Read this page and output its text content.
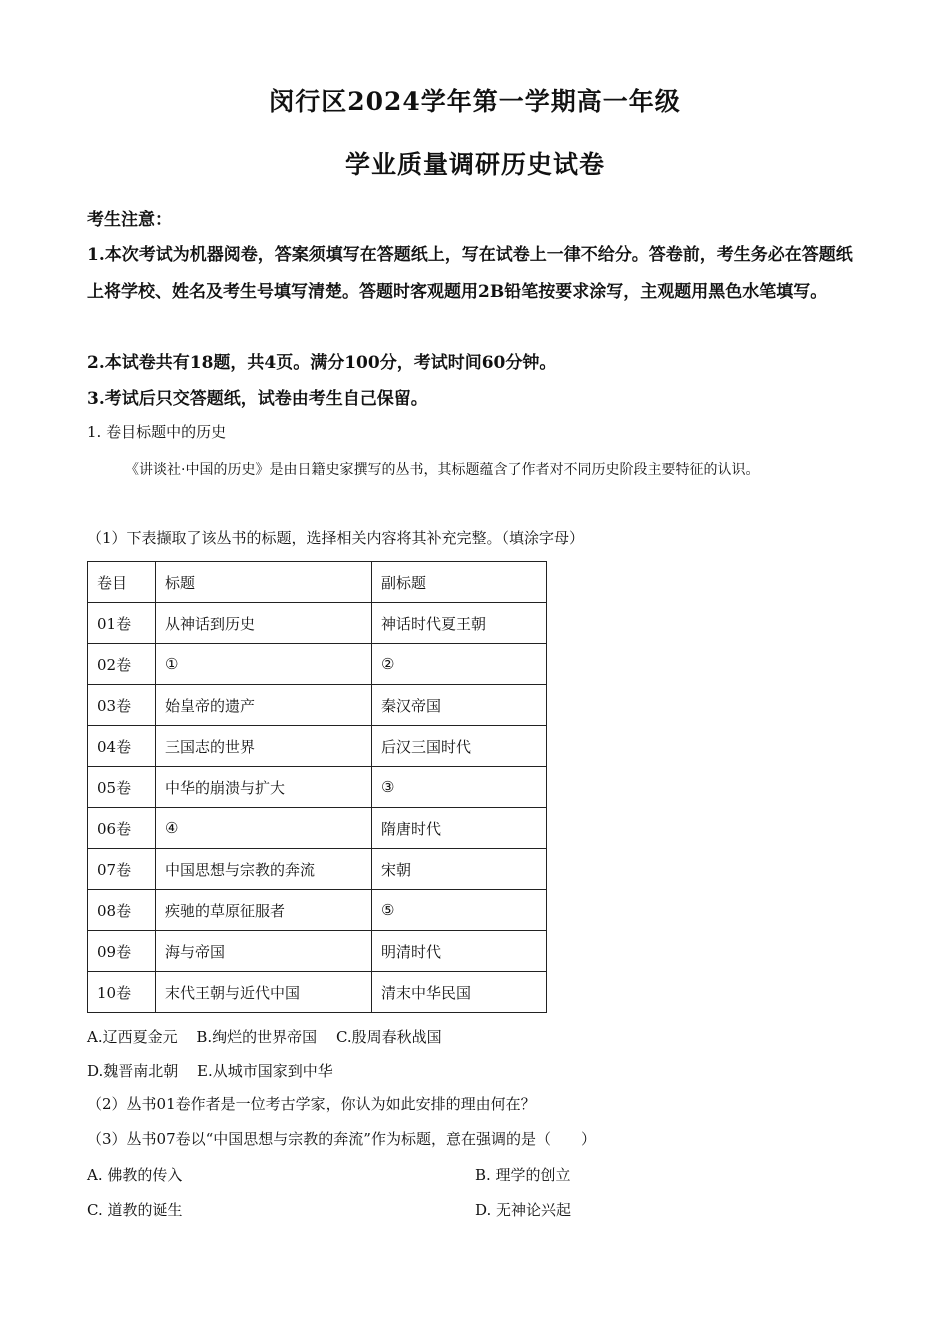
闵行区2024学年第一学期高一年级
学业质量调研历史试卷
考生注意：
1.本次考试为机器阅卷，答案须填写在答题纸上，写在试卷上一律不给分。答卷前，考生务必在答题纸上将学校、姓名及考生号填写清楚。答题时客观题用2B铅笔按要求涂写，主观题用黑色水笔填写。
2.本试卷共有18题，共4页。满分100分，考试时间60分钟。
3.考试后只交答题纸，试卷由考生自己保留。
1. 卷目标题中的历史
《讲谈社·中国的历史》是由日籍史家撰写的丛书，其标题蕴含了作者对不同历史阶段主要特征的认识。
（1）下表撷取了该丛书的标题，选择相关内容将其补充完整。（填涂字母）
卷目	标题	副标题
01卷	从神话到历史	神话时代夏王朝
02卷	①	②
03卷	始皇帝的遗产	秦汉帝国
04卷	三国志的世界	后汉三国时代
05卷	中华的崩溃与扩大	③
06卷	④	隋唐时代
07卷	中国思想与宗教的奔流	宋朝
08卷	疾驰的草原征服者	⑤
09卷	海与帝国	明清时代
10卷	末代王朝与近代中国	清末中华民国
A.辽西夏金元 B.绚烂的世界帝国 C.殷周春秋战国
D.魏晋南北朝 E.从城市国家到中华
（2）丛书01卷作者是一位考古学家，你认为如此安排的理由何在？
（3）丛书07卷以“中国思想与宗教的奔流”作为标题，意在强调的是（　　）
A. 佛教的传入	B. 理学的创立
C. 道教的诞生	D. 无神论兴起
